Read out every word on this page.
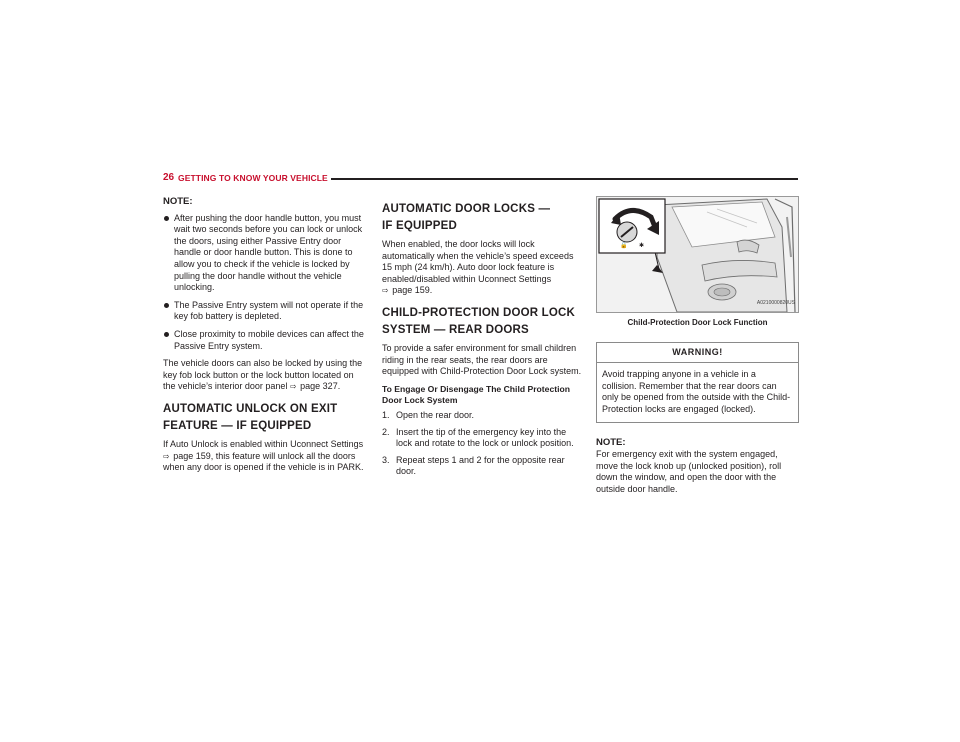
26 GETTING TO KNOW YOUR VEHICLE
NOTE:
After pushing the door handle button, you must wait two seconds before you can lock or unlock the doors, using either Passive Entry door handle or door handle button. This is done to allow you to check if the vehicle is locked by pulling the door handle without the vehicle unlocking.
The Passive Entry system will not operate if the key fob battery is depleted.
Close proximity to mobile devices can affect the Passive Entry system.

The vehicle doors can also be locked by using the key fob lock button or the lock button located on the vehicle’s interior door panel ⇨ page 327.

AUTOMATIC UNLOCK ON EXIT
FEATURE — IF EQUIPPED

If Auto Unlock is enabled within Uconnect Settings
⇨ page 159, this feature will unlock all the doors when any door is opened if the vehicle is in PARK.

AUTOMATIC DOOR LOCKS —
IF EQUIPPED

When enabled, the door locks will lock automatically when the vehicle’s speed exceeds 15 mph (24 km/h). Auto door lock feature is enabled/disabled within Uconnect Settings
⇨ page 159.

CHILD-PROTECTION DOOR LOCK
SYSTEM — REAR DOORS

To provide a safer environment for small children riding in the rear seats, the rear doors are equipped with Child-Protection Door Lock system.

To Engage Or Disengage The Child Protection Door Lock System
1. Open the rear door.
2. Insert the tip of the emergency key into the lock and rotate to the lock or unlock position.
3. Repeat steps 1 and 2 for the opposite rear door.
🔒 ✱
A0210000820US
Child-Protection Door Lock Function
WARNING!
Avoid trapping anyone in a vehicle in a collision. Remember that the rear doors can only be opened from the outside with the Child-Protection locks are engaged (locked).
NOTE:

For emergency exit with the system engaged, move the lock knob up (unlocked position), roll down the window, and open the door with the outside door handle.
